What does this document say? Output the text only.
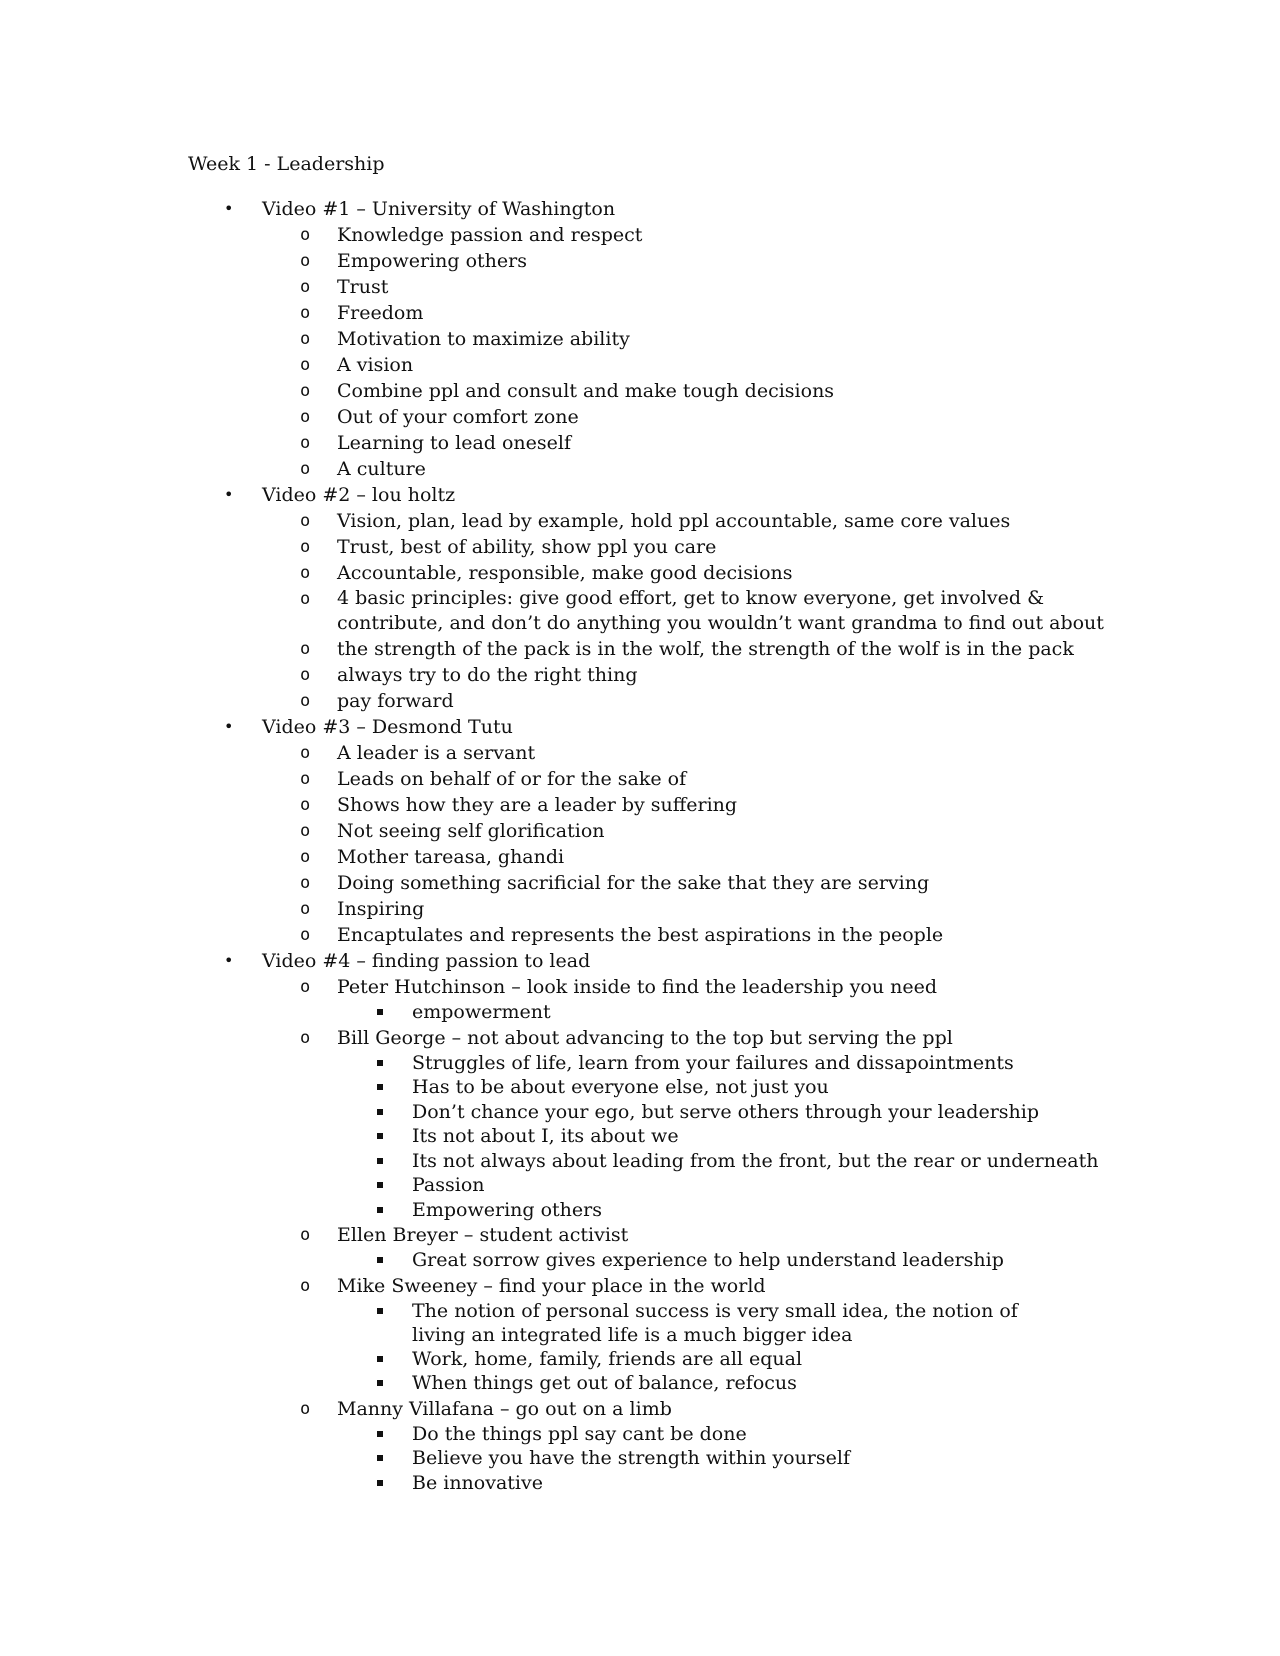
Week 1 - Leadership
• Video #1 – University of Washington
o Knowledge passion and respect
o Empowering others
o Trust
o Freedom
o Motivation to maximize ability
o A vision
o Combine ppl and consult and make tough decisions
o Out of your comfort zone
o Learning to lead oneself
o A culture
• Video #2 – lou holtz
o Vision, plan, lead by example, hold ppl accountable, same core values
o Trust, best of ability, show ppl you care
o Accountable, responsible, make good decisions
o 4 basic principles: give good effort, get to know everyone, get involved & contribute, and don’t do anything you wouldn’t want grandma to find out about
o the strength of the pack is in the wolf, the strength of the wolf is in the pack
o always try to do the right thing
o pay forward
• Video #3 – Desmond Tutu
o A leader is a servant
o Leads on behalf of or for the sake of
o Shows how they are a leader by suffering
o Not seeing self glorification
o Mother tareasa, ghandi
o Doing something sacrificial for the sake that they are serving
o Inspiring
o Encaptulates and represents the best aspirations in the people
• Video #4 – finding passion to lead
o Peter Hutchinson – look inside to find the leadership you need
empowerment
o Bill George – not about advancing to the top but serving the ppl
Struggles of life, learn from your failures and dissapointments
Has to be about everyone else, not just you
Don’t chance your ego, but serve others through your leadership
Its not about I, its about we
Its not always about leading from the front, but the rear or underneath
Passion
Empowering others
o Ellen Breyer – student activist
Great sorrow gives experience to help understand leadership
o Mike Sweeney – find your place in the world
The notion of personal success is very small idea, the notion of living an integrated life is a much bigger idea
Work, home, family, friends are all equal
When things get out of balance, refocus
o Manny Villafana – go out on a limb
Do the things ppl say cant be done
Believe you have the strength within yourself
Be innovative
